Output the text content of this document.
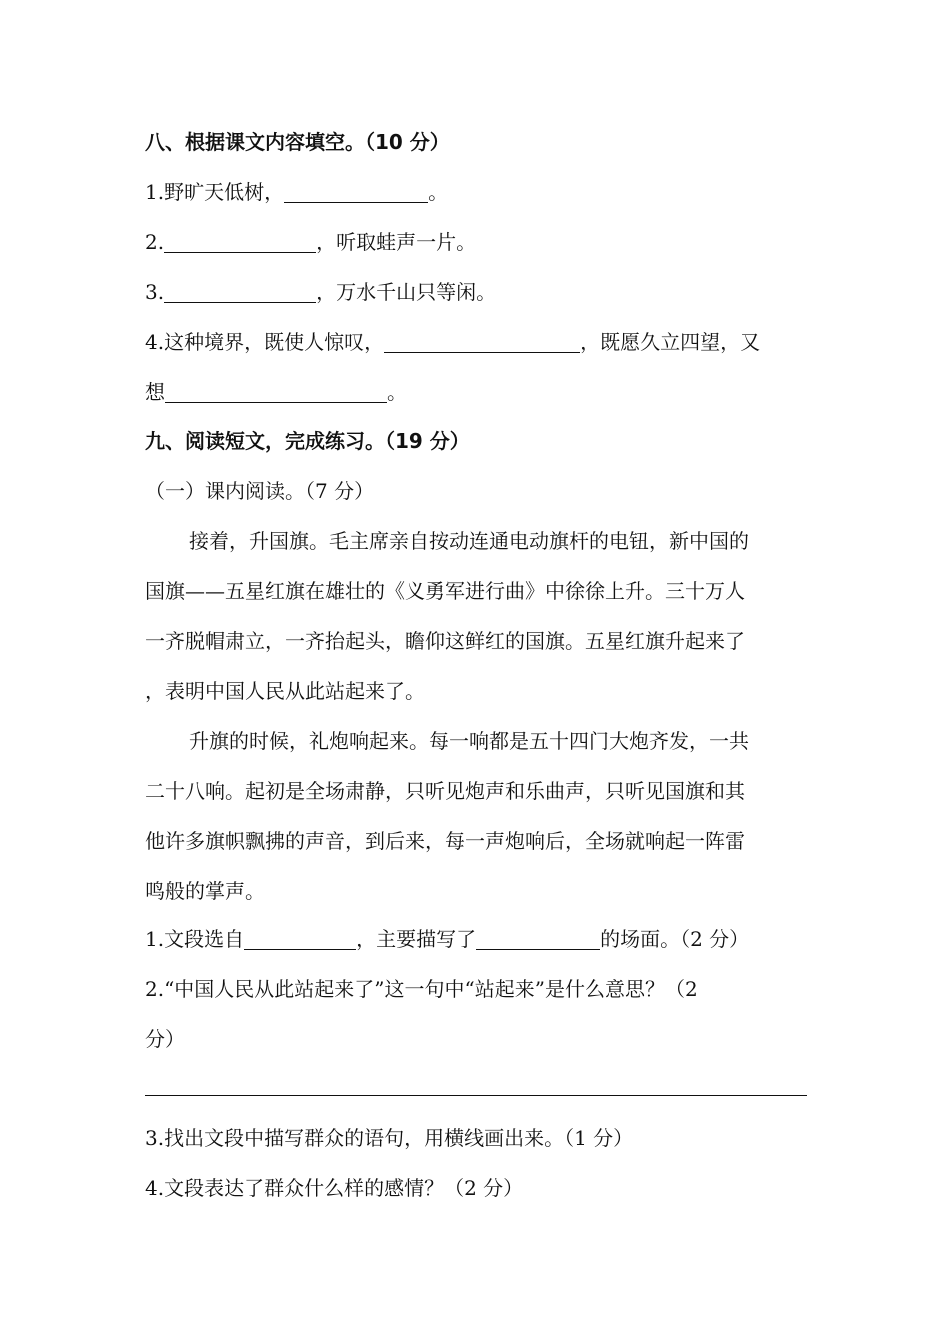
八、根据课文内容填空。（10 分）
1.野旷天低树，	。
2.	，听取蛙声一片。
3.	，万水千山只等闲。
4.这种境界，既使人惊叹，	，既愿久立四望，又
想	。
九、阅读短文，完成练习。（19 分）
（一）课内阅读。（7 分）
接着，升国旗。毛主席亲自按动连通电动旗杆的电钮，新中国的
国旗——五星红旗在雄壮的《义勇军进行曲》中徐徐上升。三十万人
一齐脱帽肃立，一齐抬起头，瞻仰这鲜红的国旗。五星红旗升起来了
，表明中国人民从此站起来了。
升旗的时候，礼炮响起来。每一响都是五十四门大炮齐发，一共
二十八响。起初是全场肃静，只听见炮声和乐曲声，只听见国旗和其
他许多旗帜飘拂的声音，到后来，每一声炮响后，全场就响起一阵雷
鸣般的掌声。
1.文段选自	，主要描写了	的场面。（2 分）
2.“中国人民从此站起来了”这一句中“站起来”是什么意思？（2
分）
3.找出文段中描写群众的语句，用横线画出来。（1 分）
4.文段表达了群众什么样的感情？（2 分）
